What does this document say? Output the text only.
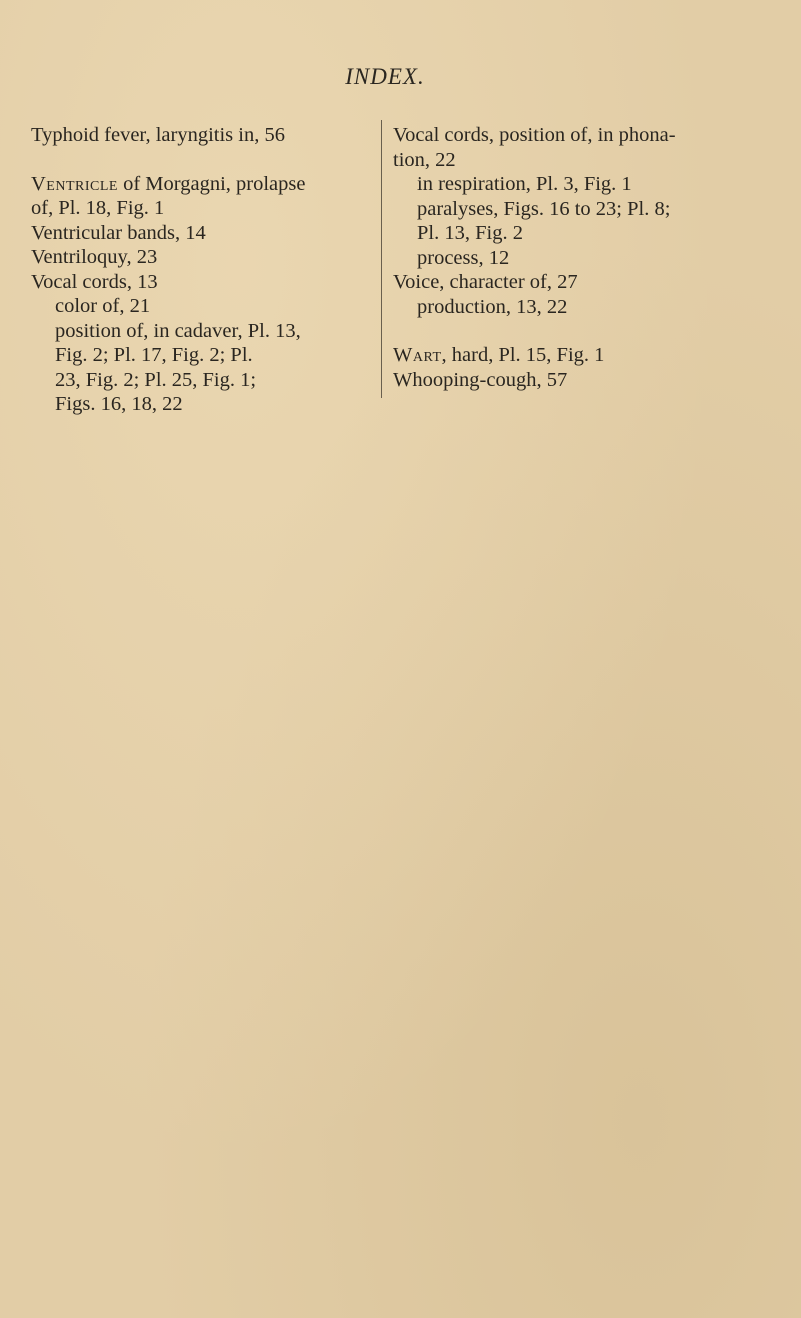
INDEX.

Typhoid fever, laryngitis in, 56

Ventricle of Morgagni, prolapse
of, Pl. 18, Fig. 1

Ventricular bands, 14

Ventriloquy, 23

Vocal cords, 13

color of, 21

position of, in cadaver, Pl. 13,
Fig. 2; Pl. 17, Fig. 2; Pl.
23, Fig. 2; Pl. 25, Fig. 1;
Figs. 16, 18, 22

Vocal cords, position of, in phona-
tion, 22

in respiration, Pl. 3, Fig. 1

paralyses, Figs. 16 to 23; Pl. 8;
Pl. 13, Fig. 2

process, 12

Voice, character of, 27

production, 13, 22

Wart, hard, Pl. 15, Fig. 1

Whooping-cough, 57
